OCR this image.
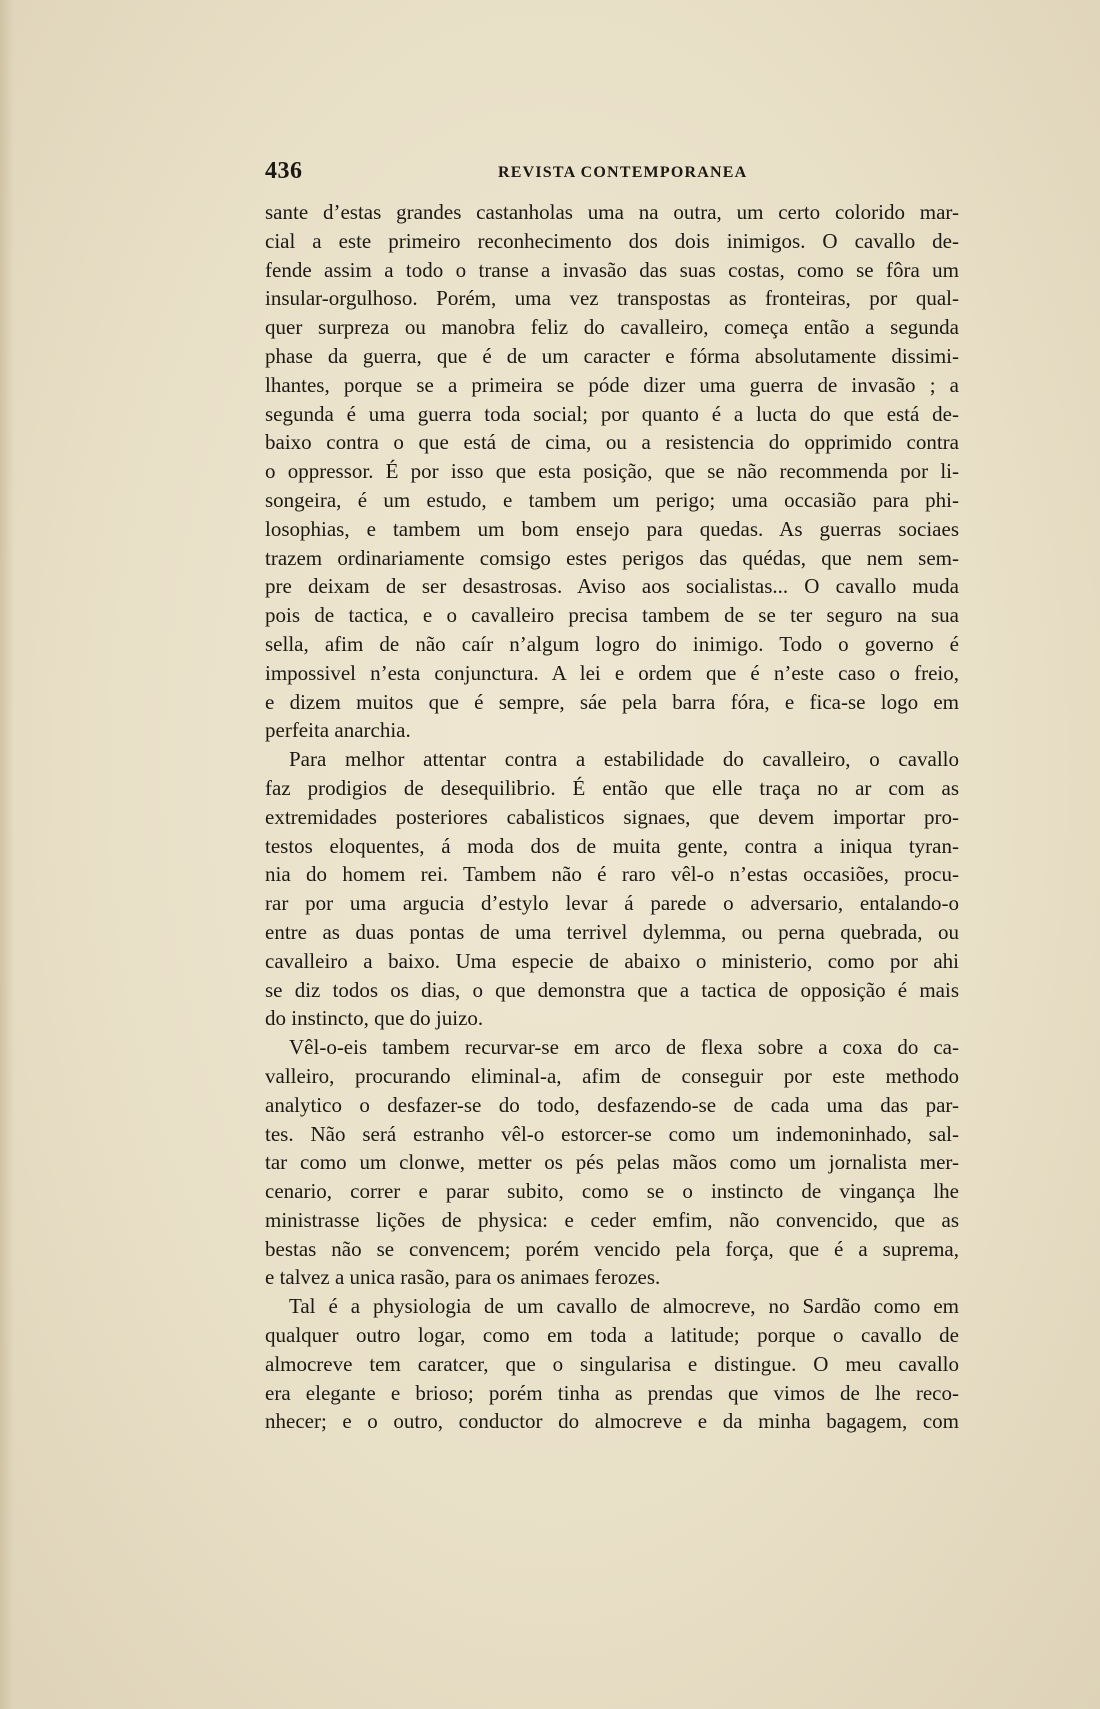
436	REVISTA CONTEMPORANEA
sante d’estas grandes castanholas uma na outra, um certo colorido mar-
cial a este primeiro reconhecimento dos dois inimigos. O cavallo de-
fende assim a todo o transe a invasão das suas costas, como se fôra um
insular-orgulhoso. Porém, uma vez transpostas as fronteiras, por qual-
quer surpreza ou manobra feliz do cavalleiro, começa então a segunda
phase da guerra, que é de um caracter e fórma absolutamente dissimi-
lhantes, porque se a primeira se póde dizer uma guerra de invasão ; a
segunda é uma guerra toda social; por quanto é a lucta do que está de-
baixo contra o que está de cima, ou a resistencia do opprimido contra
o oppressor. É por isso que esta posição, que se não recommenda por li-
songeira, é um estudo, e tambem um perigo; uma occasião para phi-
losophias, e tambem um bom ensejo para quedas. As guerras sociaes
trazem ordinariamente comsigo estes perigos das quédas, que nem sem-
pre deixam de ser desastrosas. Aviso aos socialistas... O cavallo muda
pois de tactica, e o cavalleiro precisa tambem de se ter seguro na sua
sella, afim de não caír n’algum logro do inimigo. Todo o governo é
impossivel n’esta conjunctura. A lei e ordem que é n’este caso o freio,
e dizem muitos que é sempre, sáe pela barra fóra, e fica-se logo em
perfeita anarchia.
Para melhor attentar contra a estabilidade do cavalleiro, o cavallo
faz prodigios de desequilibrio. É então que elle traça no ar com as
extremidades posteriores cabalisticos signaes, que devem importar pro-
testos eloquentes, á moda dos de muita gente, contra a iniqua tyran-
nia do homem rei. Tambem não é raro vêl-o n’estas occasiões, procu-
rar por uma argucia d’estylo levar á parede o adversario, entalando-o
entre as duas pontas de uma terrivel dylemma, ou perna quebrada, ou
cavalleiro a baixo. Uma especie de abaixo o ministerio, como por ahi
se diz todos os dias, o que demonstra que a tactica de opposição é mais
do instincto, que do juizo.
Vêl-o-eis tambem recurvar-se em arco de flexa sobre a coxa do ca-
valleiro, procurando eliminal-a, afim de conseguir por este methodo
analytico o desfazer-se do todo, desfazendo-se de cada uma das par-
tes. Não será estranho vêl-o estorcer-se como um indemoninhado, sal-
tar como um clonwe, metter os pés pelas mãos como um jornalista mer-
cenario, correr e parar subito, como se o instincto de vingança lhe
ministrasse lições de physica: e ceder emfim, não convencido, que as
bestas não se convencem; porém vencido pela força, que é a suprema,
e talvez a unica rasão, para os animaes ferozes.
Tal é a physiologia de um cavallo de almocreve, no Sardão como em
qualquer outro logar, como em toda a latitude; porque o cavallo de
almocreve tem caratcer, que o singularisa e distingue. O meu cavallo
era elegante e brioso; porém tinha as prendas que vimos de lhe reco-
nhecer; e o outro, conductor do almocreve e da minha bagagem, com
